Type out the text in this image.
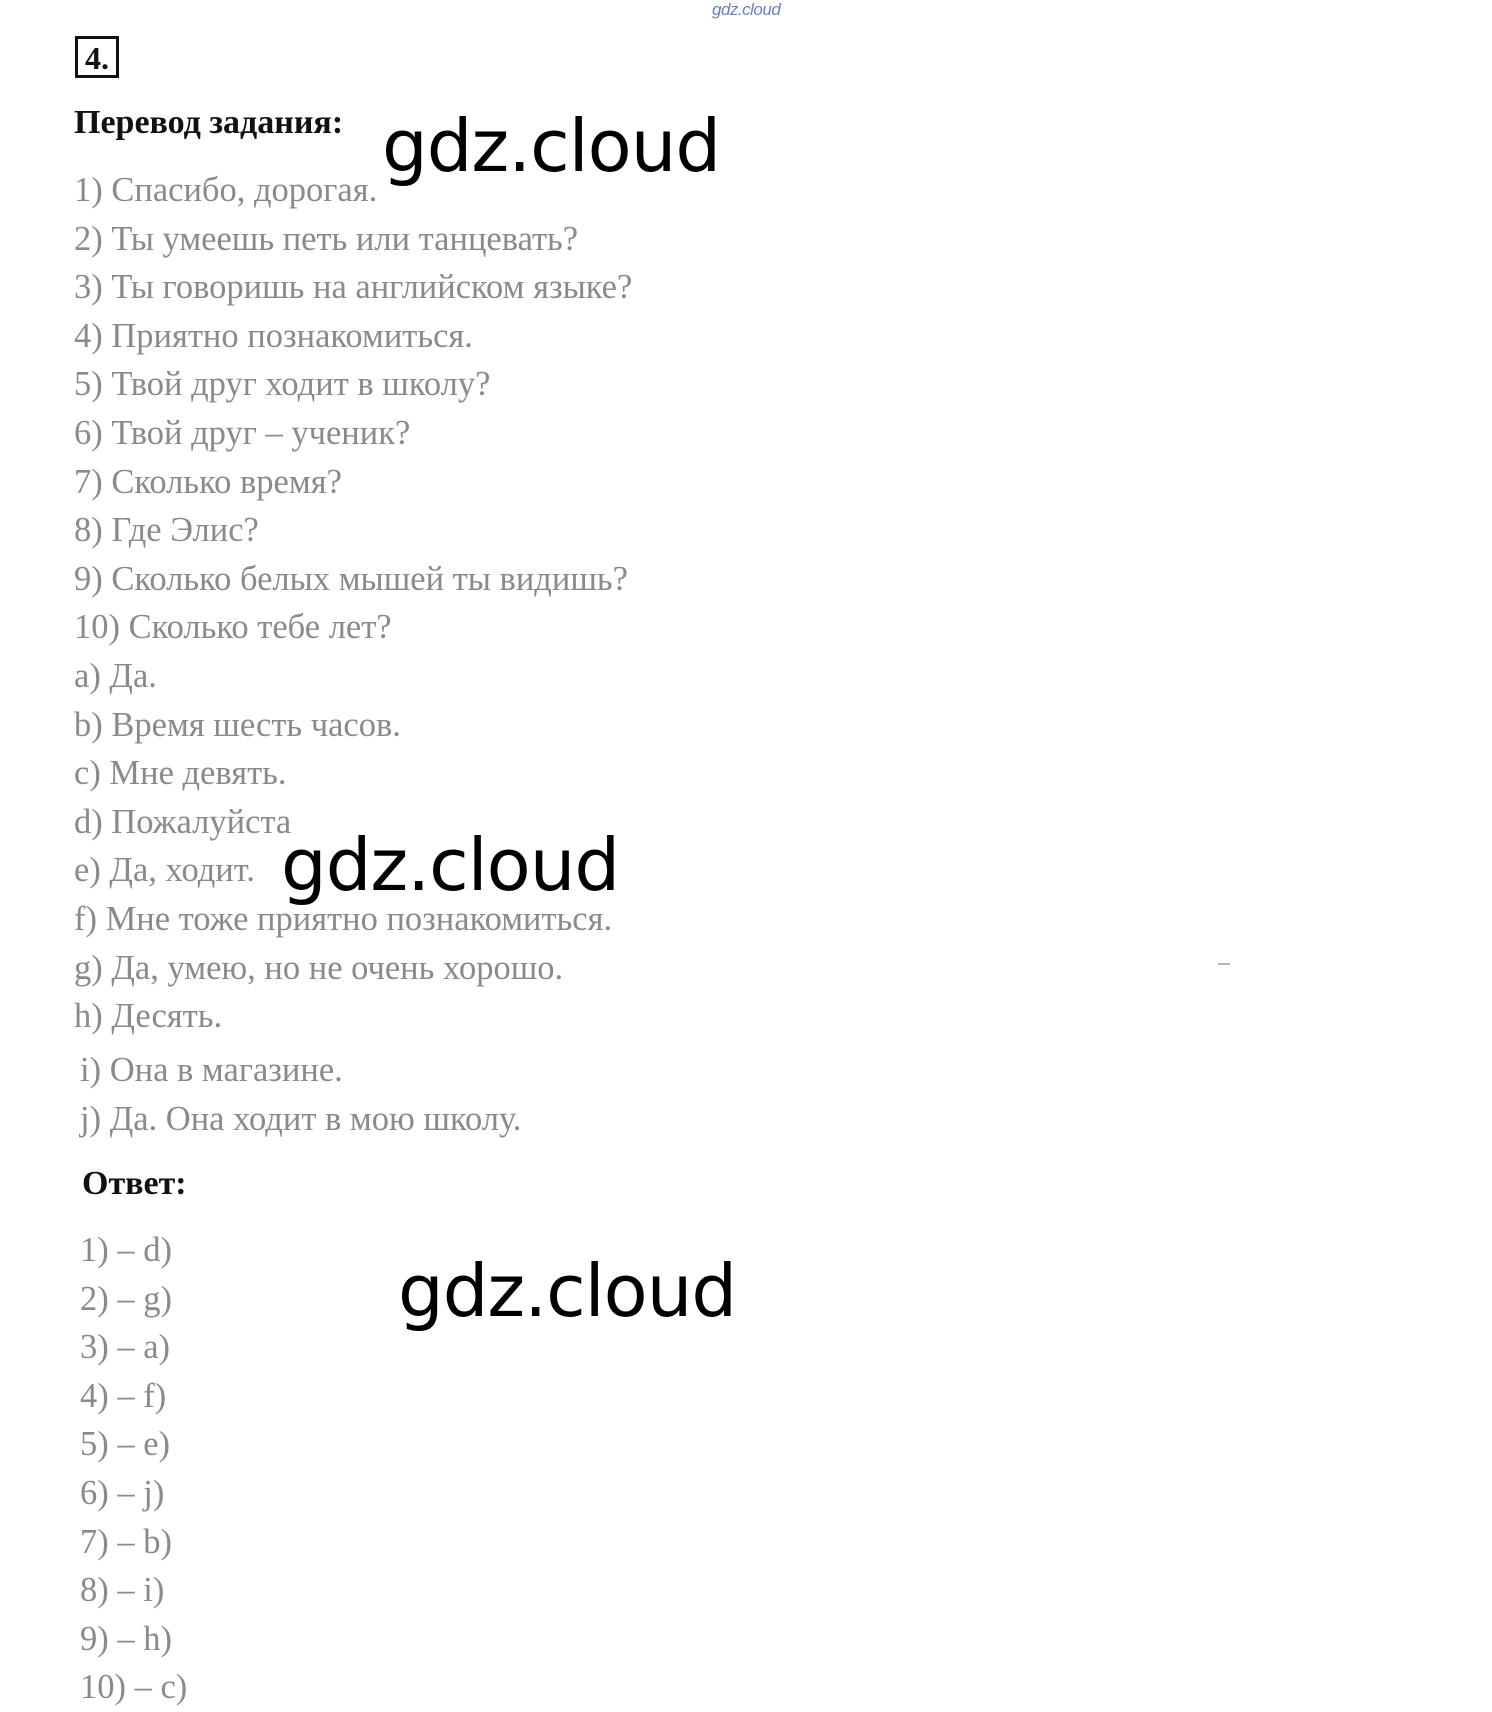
gdz.cloud
4.
Перевод задания:
1) Спасибо, дорогая.
2) Ты умеешь петь или танцевать?
3) Ты говоришь на английском языке?
4) Приятно познакомиться.
5) Твой друг ходит в школу?
6) Твой друг – ученик?
7) Сколько время?
8) Где Элис?
9) Сколько белых мышей ты видишь?
10) Сколько тебе лет?
a) Да.
b) Время шесть часов.
c) Мне девять.
d) Пожалуйста
e) Да, ходит.
f) Мне тоже приятно познакомиться.
g) Да, умею, но не очень хорошо.
h) Десять.
i) Она в магазине.
j) Да. Она ходит в мою школу.
Ответ:
1) – d)
2) – g)
3) – a)
4) – f)
5) – e)
6) – j)
7) – b)
8) – i)
9) – h)
10) – c)
gdz.cloud
gdz.cloud
gdz.cloud
